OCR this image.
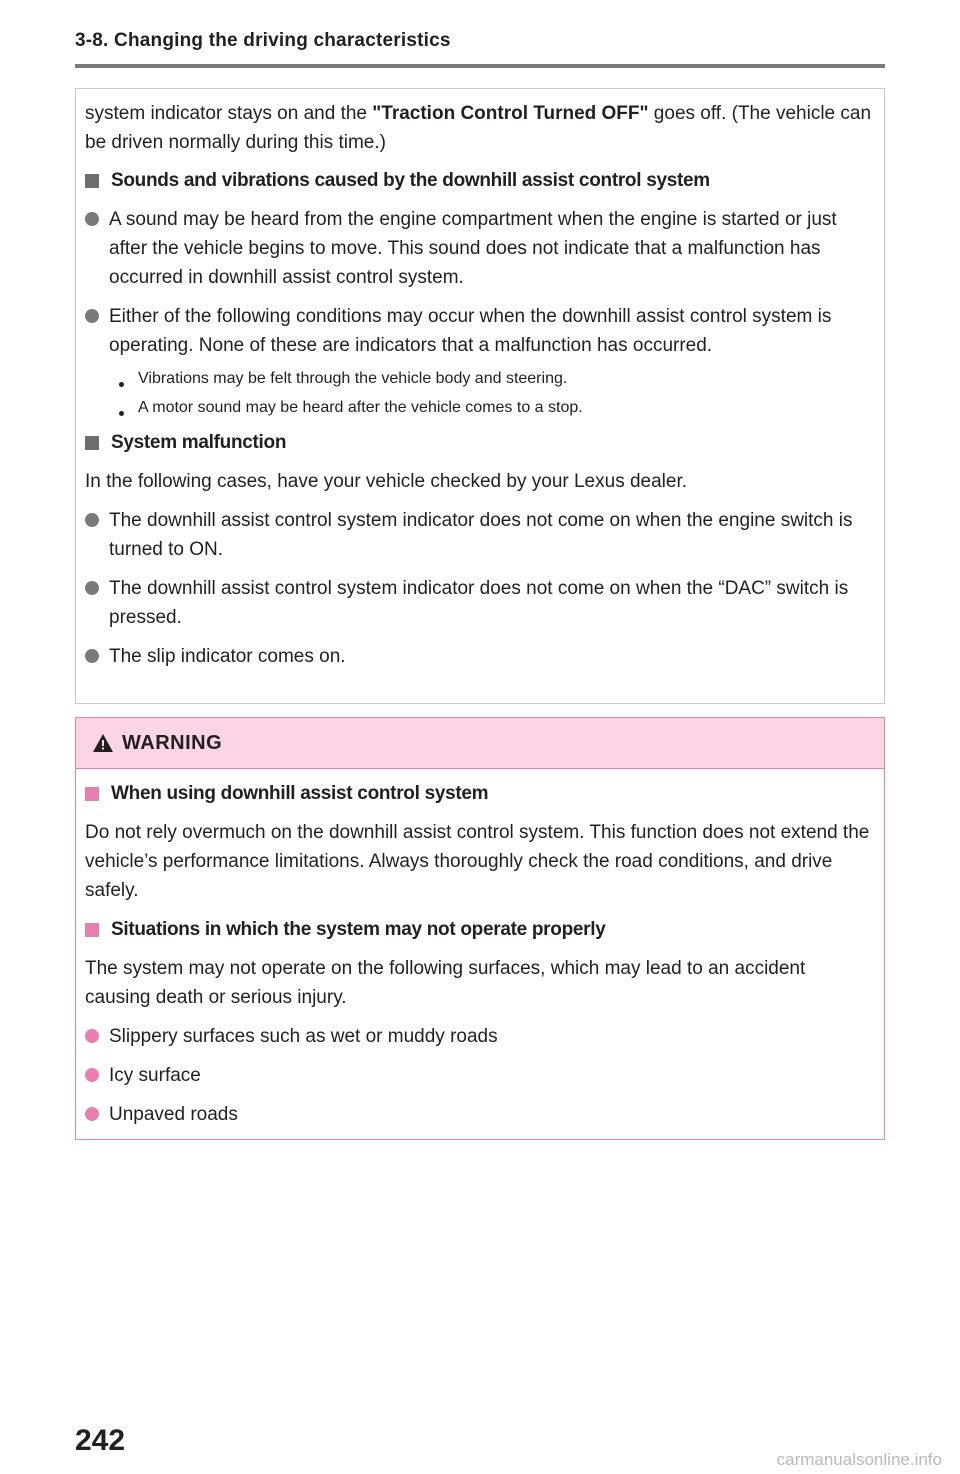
3-8. Changing the driving characteristics

system indicator stays on and the "Traction Control Turned OFF" goes off. (The vehicle can be driven normally during this time.)

Sounds and vibrations caused by the downhill assist control system
A sound may be heard from the engine compartment when the engine is started or just after the vehicle begins to move. This sound does not indicate that a malfunction has occurred in downhill assist control system.
Either of the following conditions may occur when the downhill assist control system is operating. None of these are indicators that a malfunction has occurred.
Vibrations may be felt through the vehicle body and steering.
A motor sound may be heard after the vehicle comes to a stop.
System malfunction

In the following cases, have your vehicle checked by your Lexus dealer.

The downhill assist control system indicator does not come on when the engine switch is turned to ON.
The downhill assist control system indicator does not come on when the “DAC” switch is pressed.
The slip indicator comes on.
WARNING
When using downhill assist control system

Do not rely overmuch on the downhill assist control system. This function does not extend the vehicle’s performance limitations. Always thoroughly check the road conditions, and drive safely.

Situations in which the system may not operate properly

The system may not operate on the following surfaces, which may lead to an accident causing death or serious injury.

Slippery surfaces such as wet or muddy roads
Icy surface
Unpaved roads
242
carmanualsonline.info
